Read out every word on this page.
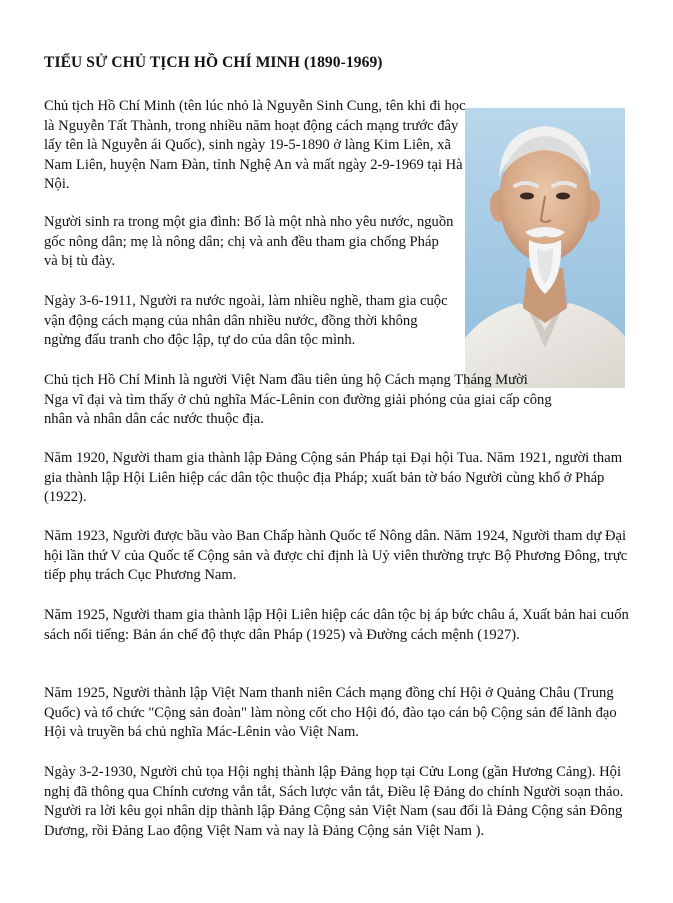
TIỂU SỬ CHỦ TỊCH HỒ CHÍ MINH (1890-1969)

Chủ tịch Hồ Chí Minh (tên lúc nhỏ là Nguyễn Sinh Cung, tên khi đi học là Nguyễn Tất Thành, trong nhiều năm hoạt động cách mạng trước đây lấy tên là Nguyễn ái Quốc), sinh ngày 19-5-1890 ở làng Kim Liên, xã Nam Liên, huyện Nam Đàn, tỉnh Nghệ An và mất ngày 2-9-1969 tại Hà Nội.

Người sinh ra trong một gia đình: Bố là một nhà nho yêu nước, nguồn gốc nông dân; mẹ là nông dân; chị và anh đều tham gia chống Pháp và bị tù đày.

Ngày 3-6-1911, Người ra nước ngoài, làm nhiều nghề, tham gia cuộc vận động cách mạng của nhân dân nhiều nước, đồng thời không ngừng đấu tranh cho độc lập, tự do của dân tộc mình.

Chủ tịch Hồ Chí Minh là người Việt Nam đầu tiên ủng hộ Cách mạng Tháng Mười Nga vĩ đại và tìm thấy ở chủ nghĩa Mác-Lênin con đường giải phóng của giai cấp công nhân và nhân dân các nước thuộc địa.

Năm 1920, Người tham gia thành lập Đảng Cộng sản Pháp tại Đại hội Tua. Năm 1921, người tham gia thành lập Hội Liên hiệp các dân tộc thuộc địa Pháp; xuất bản tờ báo Người cùng khổ ở Pháp (1922).

Năm 1923, Người được bầu vào Ban Chấp hành Quốc tế Nông dân. Năm 1924, Người tham dự Đại hội lần thứ V của Quốc tế Cộng sản và được chỉ định là Uỷ viên thường trực Bộ Phương Đông, trực tiếp phụ trách Cục Phương Nam.

Năm 1925, Người tham gia thành lập Hội Liên hiệp các dân tộc bị áp bức châu á, Xuất bản hai cuốn sách nổi tiếng: Bản án chế độ thực dân Pháp (1925) và Đường cách mệnh (1927).

Năm 1925, Người thành lập Việt Nam thanh niên Cách mạng đồng chí Hội ở Quảng Châu (Trung Quốc) và tổ chức "Cộng sản đoàn" làm nòng cốt cho Hội đó, đào tạo cán bộ Cộng sản để lãnh đạo Hội và truyền bá chủ nghĩa Mác-Lênin vào Việt Nam.

Ngày 3-2-1930, Người chủ tọa Hội nghị thành lập Đảng họp tại Cửu Long (gần Hương Cảng). Hội nghị đã thông qua Chính cương vắn tắt, Sách lược vắn tắt, Điều lệ Đảng do chính Người soạn thảo. Người ra lời kêu gọi nhân dịp thành lập Đảng Cộng sản Việt Nam (sau đổi là Đảng Cộng sản Đông Dương, rồi Đảng Lao động Việt Nam và nay là Đảng Cộng sản Việt Nam ).
